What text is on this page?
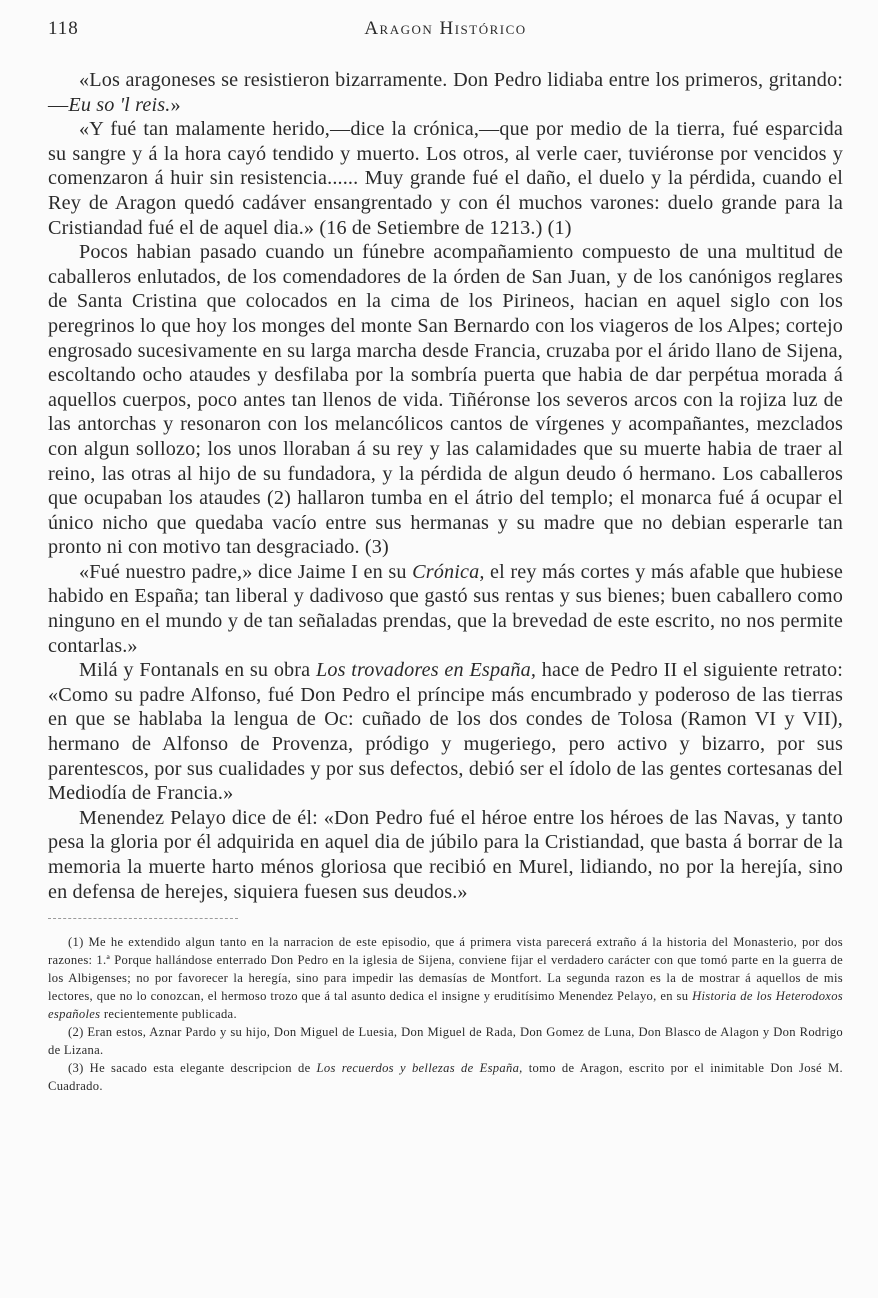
118	Aragon Histórico

«Los aragoneses se resistieron bizarramente. Don Pedro lidiaba entre los primeros, gritando:—Eu so 'l reis.»

«Y fué tan malamente herido,—dice la crónica,—que por medio de la tierra, fué esparcida su sangre y á la hora cayó tendido y muerto. Los otros, al verle caer, tuviéronse por vencidos y comenzaron á huir sin resistencia...... Muy grande fué el daño, el duelo y la pérdida, cuando el Rey de Aragon quedó cadáver ensangrentado y con él muchos varones: duelo grande para la Cristiandad fué el de aquel dia.» (16 de Setiembre de 1213.) (1)

Pocos habian pasado cuando un fúnebre acompañamiento compuesto de una multitud de caballeros enlutados, de los comendadores de la órden de San Juan, y de los canónigos reglares de Santa Cristina que colocados en la cima de los Pirineos, hacian en aquel siglo con los peregrinos lo que hoy los monges del monte San Bernardo con los viageros de los Alpes; cortejo engrosado sucesivamente en su larga marcha desde Francia, cruzaba por el árido llano de Sijena, escoltando ocho ataudes y desfilaba por la sombría puerta que habia de dar perpétua morada á aquellos cuerpos, poco antes tan llenos de vida. Tiñéronse los severos arcos con la rojiza luz de las antorchas y resonaron con los melancólicos cantos de vírgenes y acompañantes, mezclados con algun sollozo; los unos lloraban á su rey y las calamidades que su muerte habia de traer al reino, las otras al hijo de su fundadora, y la pérdida de algun deudo ó hermano. Los caballeros que ocupaban los ataudes (2) hallaron tumba en el átrio del templo; el monarca fué á ocupar el único nicho que quedaba vacío entre sus hermanas y su madre que no debian esperarle tan pronto ni con motivo tan desgraciado. (3)

«Fué nuestro padre,» dice Jaime I en su Crónica, el rey más cortes y más afable que hubiese habido en España; tan liberal y dadivoso que gastó sus rentas y sus bienes; buen caballero como ninguno en el mundo y de tan señaladas prendas, que la brevedad de este escrito, no nos permite contarlas.»

Milá y Fontanals en su obra Los trovadores en España, hace de Pedro II el siguiente retrato: «Como su padre Alfonso, fué Don Pedro el príncipe más encumbrado y poderoso de las tierras en que se hablaba la lengua de Oc: cuñado de los dos condes de Tolosa (Ramon VI y VII), hermano de Alfonso de Provenza, pródigo y mugeriego, pero activo y bizarro, por sus parentescos, por sus cualidades y por sus defectos, debió ser el ídolo de las gentes cortesanas del Mediodía de Francia.»

Menendez Pelayo dice de él: «Don Pedro fué el héroe entre los héroes de las Navas, y tanto pesa la gloria por él adquirida en aquel dia de júbilo para la Cristiandad, que basta á borrar de la memoria la muerte harto ménos gloriosa que recibió en Murel, lidiando, no por la herejía, sino en defensa de herejes, siquiera fuesen sus deudos.»

(1) Me he extendido algun tanto en la narracion de este episodio, que á primera vista parecerá extraño á la historia del Monasterio, por dos razones: 1.ª Porque hallándose enterrado Don Pedro en la iglesia de Sijena, conviene fijar el verdadero carácter con que tomó parte en la guerra de los Albigenses; no por favorecer la heregía, sino para impedir las demasías de Montfort. La segunda razon es la de mostrar á aquellos de mis lectores, que no lo conozcan, el hermoso trozo que á tal asunto dedica el insigne y eruditísimo Menendez Pelayo, en su Historia de los Heterodoxos españoles recientemente publicada.

(2) Eran estos, Aznar Pardo y su hijo, Don Miguel de Luesia, Don Miguel de Rada, Don Gomez de Luna, Don Blasco de Alagon y Don Rodrigo de Lizana.

(3) He sacado esta elegante descripcion de Los recuerdos y bellezas de España, tomo de Aragon, escrito por el inimitable Don José M. Cuadrado.
